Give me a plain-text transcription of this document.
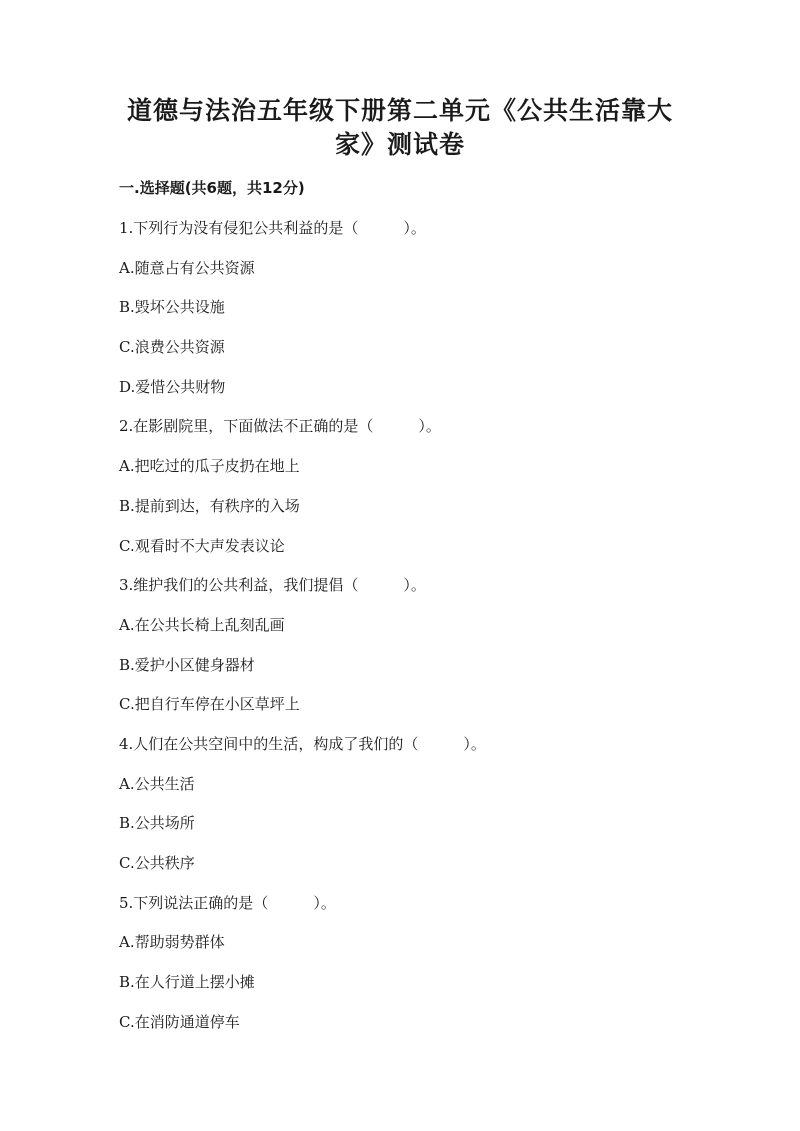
道德与法治五年级下册第二单元《公共生活靠大
家》测试卷
一.选择题(共6题，共12分)
1.下列行为没有侵犯公共利益的是（　　　）。
A.随意占有公共资源
B.毁坏公共设施
C.浪费公共资源
D.爱惜公共财物
2.在影剧院里，下面做法不正确的是（　　　）。
A.把吃过的瓜子皮扔在地上
B.提前到达，有秩序的入场
C.观看时不大声发表议论
3.维护我们的公共利益，我们提倡（　　　）。
A.在公共长椅上乱刻乱画
B.爱护小区健身器材
C.把自行车停在小区草坪上
4.人们在公共空间中的生活，构成了我们的（　　　）。
A.公共生活
B.公共场所
C.公共秩序
5.下列说法正确的是（　　　）。
A.帮助弱势群体
B.在人行道上摆小摊
C.在消防通道停车
